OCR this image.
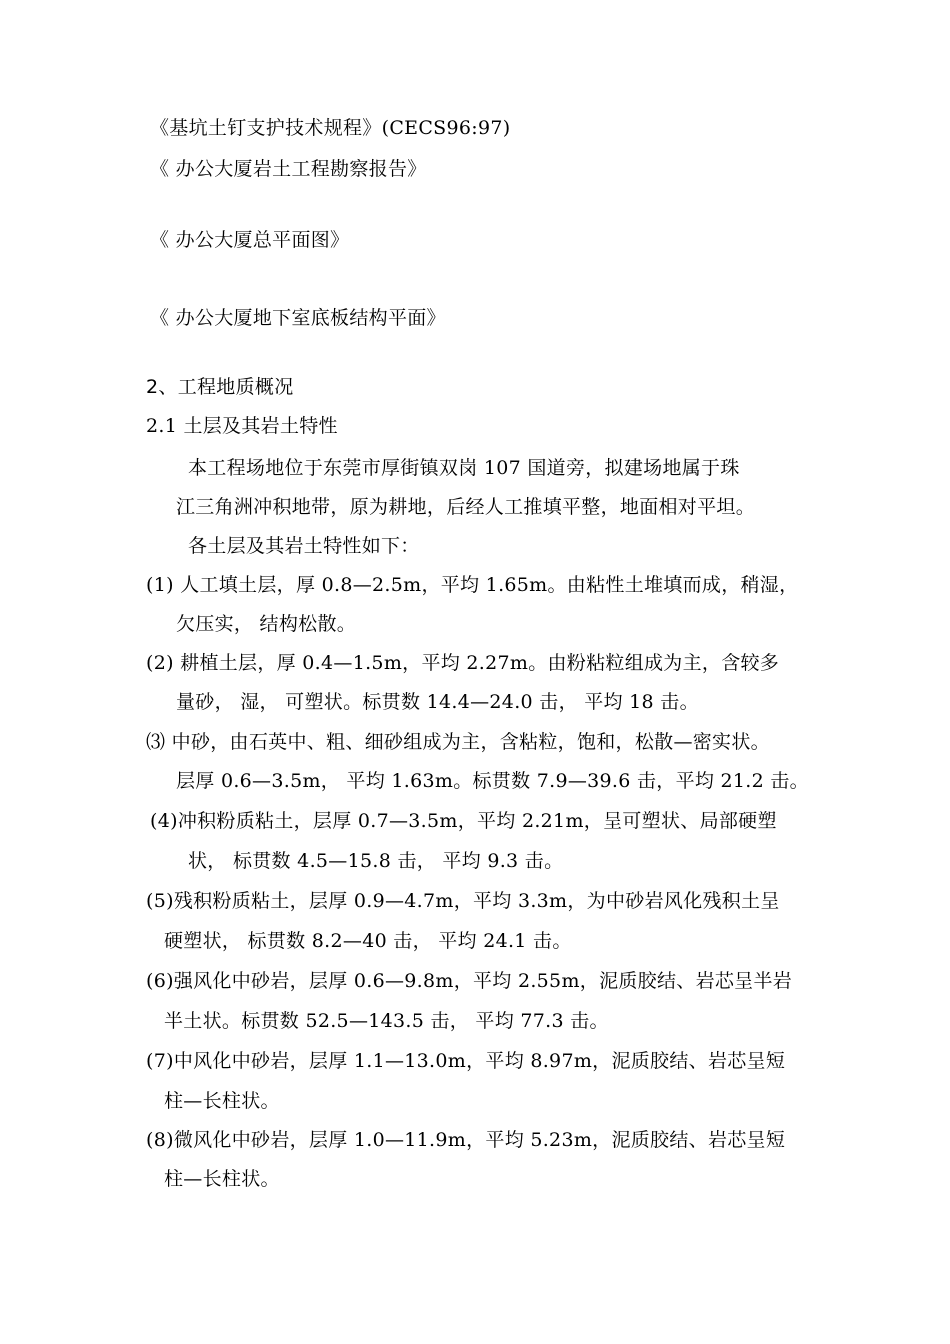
《基坑土钉支护技术规程》(CECS96:97)
《 办公大厦岩土工程勘察报告》
《 办公大厦总平面图》
《 办公大厦地下室底板结构平面》
2、工程地质概况
2.1 土层及其岩土特性
本工程场地位于东莞市厚街镇双岗 107 国道旁，拟建场地属于珠
江三角洲冲积地带，原为耕地，后经人工推填平整，地面相对平坦。
各土层及其岩土特性如下：
(1) 人工填土层，厚 0.8—2.5m，平均 1.65m。由粘性土堆填而成，稍湿，
欠压实， 结构松散。
(2) 耕植土层，厚 0.4—1.5m，平均 2.27m。由粉粘粒组成为主，含较多
量砂， 湿， 可塑状。标贯数 14.4—24.0 击， 平均 18 击。
⑶ 中砂，由石英中、粗、细砂组成为主，含粘粒，饱和，松散—密实状。
层厚 0.6—3.5m， 平均 1.63m。标贯数 7.9—39.6 击，平均 21.2 击。
(4)冲积粉质粘土，层厚 0.7—3.5m，平均 2.21m，呈可塑状、局部硬塑
状， 标贯数 4.5—15.8 击， 平均 9.3 击。
(5)残积粉质粘土，层厚 0.9—4.7m，平均 3.3m，为中砂岩风化残积土呈
硬塑状， 标贯数 8.2—40 击， 平均 24.1 击。
(6)强风化中砂岩，层厚 0.6—9.8m，平均 2.55m，泥质胶结、岩芯呈半岩
半土状。标贯数 52.5—143.5 击， 平均 77.3 击。
(7)中风化中砂岩，层厚 1.1—13.0m，平均 8.97m，泥质胶结、岩芯呈短
柱—长柱状。
(8)微风化中砂岩，层厚 1.0—11.9m，平均 5.23m，泥质胶结、岩芯呈短
柱—长柱状。
